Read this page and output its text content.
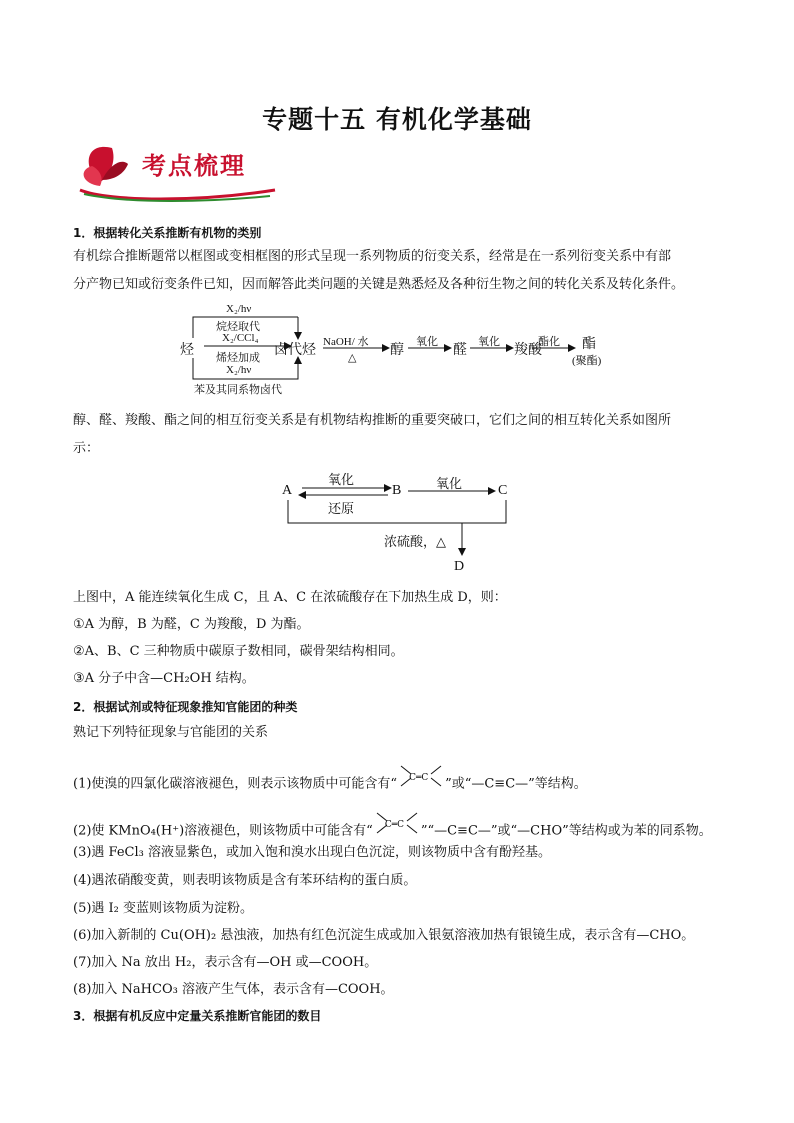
专题十五 有机化学基础
考点梳理
1．根据转化关系推断有机物的类别
有机综合推断题常以框图或变相框图的形式呈现一系列物质的衍变关系，经常是在一系列衍变关系中有部
分产物已知或衍变条件已知，因而解答此类问题的关键是熟悉烃及各种衍生物之间的转化关系及转化条件。
烃
X₂/hν
烷烃取代
X₂/CCl₄
烯烃加成
X₂/hν
苯及其同系物卤代
卤代烃
NaOH/ 水
△ 醇
氧化
醛
氧化
羧酸
酯化 酯
(聚酯)
醇、醛、羧酸、酯之间的相互衍变关系是有机物结构推断的重要突破口，它们之间的相互转化关系如图所
示：
A	B	C
D
氧化
还原
氧化
浓硫酸，△
上图中，A 能连续氧化生成 C，且 A、C 在浓硫酸存在下加热生成 D，则：
①A 为醇，B 为醛，C 为羧酸，D 为酯。
②A、B、C 三种物质中碳原子数相同，碳骨架结构相同。
③A 分子中含—CH₂OH 结构。
2．根据试剂或特征现象推知官能团的种类
熟记下列特征现象与官能团的关系
(1)使溴的四氯化碳溶液褪色，则表示该物质中可能含有“ C═C ”或“—C≡C—”等结构。
(2)使 KMnO₄(H⁺)溶液褪色，则该物质中可能含有“ C═C ”“—C≡C—”或“—CHO”等结构或为苯的同系物。
(3)遇 FeCl₃ 溶液显紫色，或加入饱和溴水出现白色沉淀，则该物质中含有酚羟基。
(4)遇浓硝酸变黄，则表明该物质是含有苯环结构的蛋白质。
(5)遇 I₂ 变蓝则该物质为淀粉。
(6)加入新制的 Cu(OH)₂ 悬浊液，加热有红色沉淀生成或加入银氨溶液加热有银镜生成，表示含有—CHO。
(7)加入 Na 放出 H₂，表示含有—OH 或—COOH。
(8)加入 NaHCO₃ 溶液产生气体，表示含有—COOH。
3．根据有机反应中定量关系推断官能团的数目
